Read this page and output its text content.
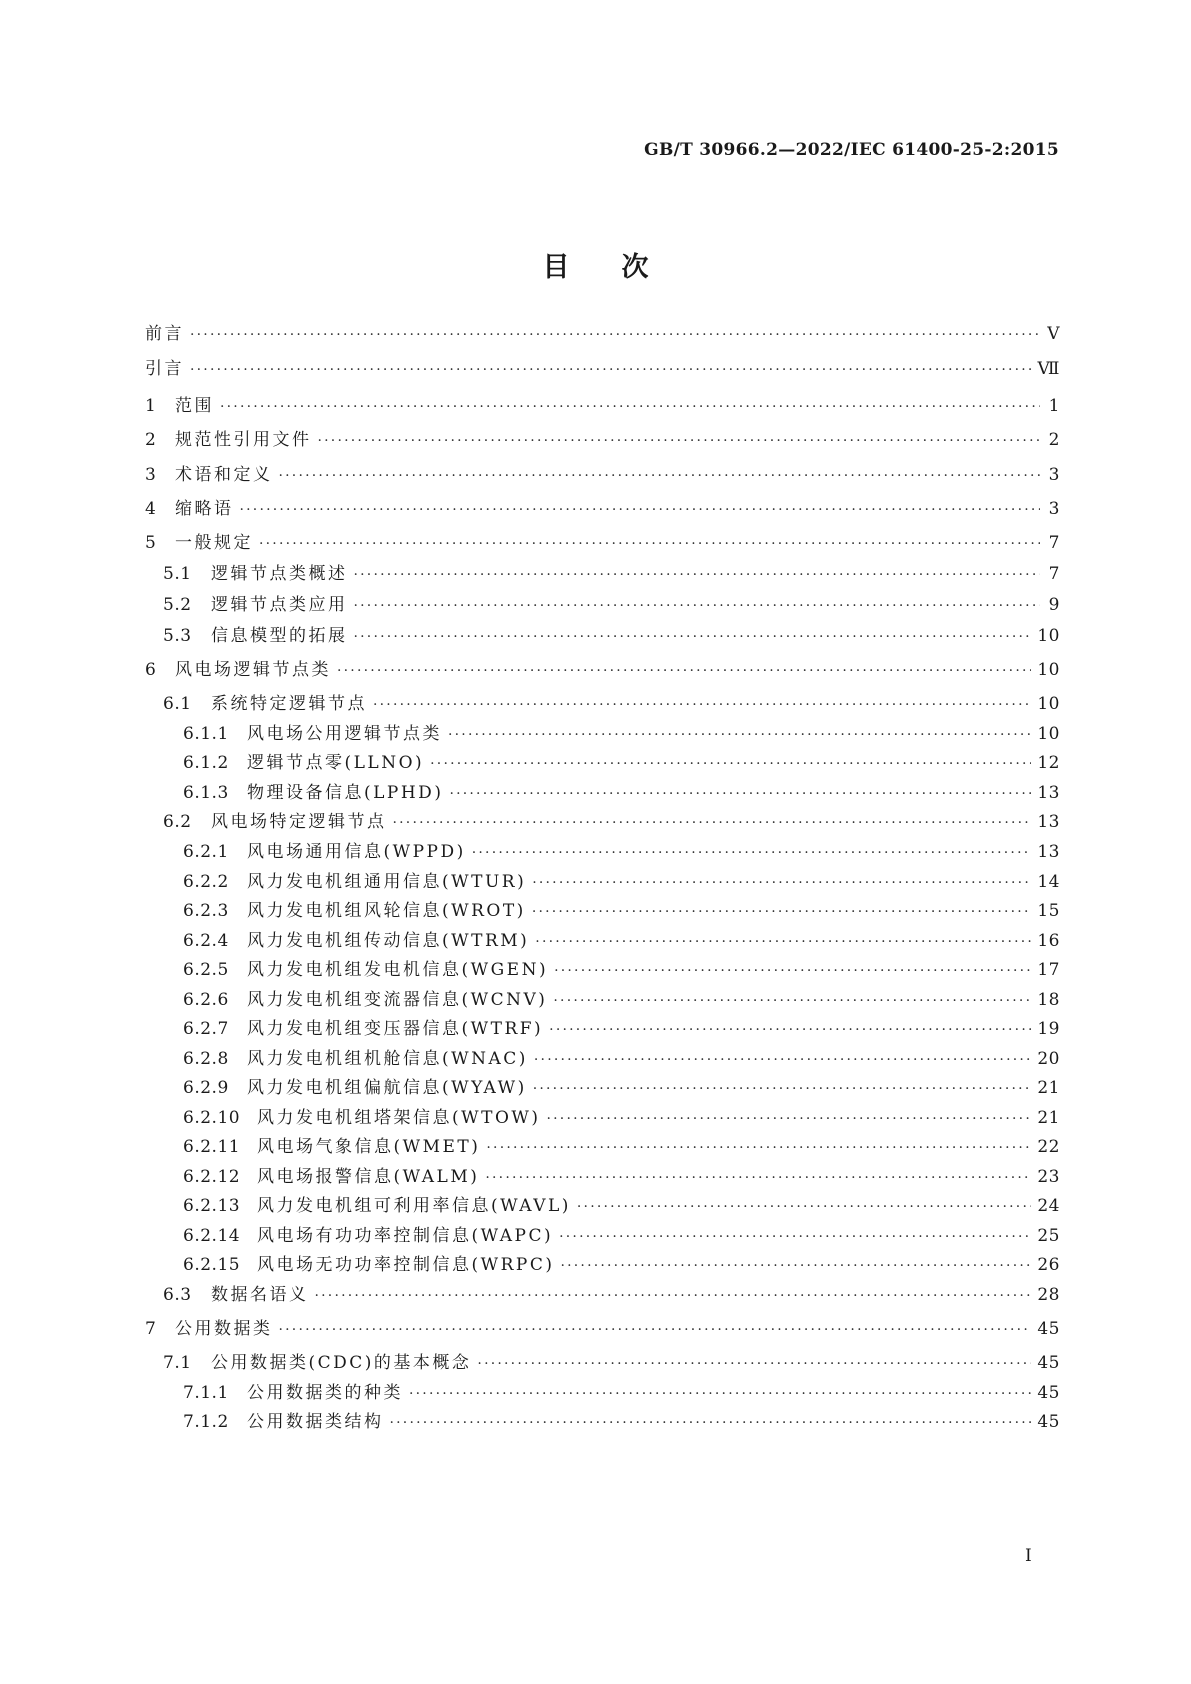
GB/T 30966.2—2022/IEC 61400-25-2:2015
目次
前言 ·····	Ⅴ
引言 ·····	Ⅶ
1	范围 ·····	1
2	规范性引用文件 ·····	2
3	术语和定义 ·····	3
4	缩略语 ·····	3
5	一般规定 ·····	7
5.1	逻辑节点类概述 ·····	7
5.2	逻辑节点类应用 ·····	9
5.3	信息模型的拓展 ·····	10
6	风电场逻辑节点类 ·····	10
6.1	系统特定逻辑节点 ·····	10
6.1.1	风电场公用逻辑节点类 ·····	10
6.1.2	逻辑节点零(LLNO) ·····	12
6.1.3	物理设备信息(LPHD) ·····	13
6.2	风电场特定逻辑节点 ·····	13
6.2.1	风电场通用信息(WPPD) ·····	13
6.2.2	风力发电机组通用信息(WTUR) ·····	14
6.2.3	风力发电机组风轮信息(WROT) ·····	15
6.2.4	风力发电机组传动信息(WTRM) ·····	16
6.2.5	风力发电机组发电机信息(WGEN) ·····	17
6.2.6	风力发电机组变流器信息(WCNV) ·····	18
6.2.7	风力发电机组变压器信息(WTRF) ·····	19
6.2.8	风力发电机组机舱信息(WNAC) ·····	20
6.2.9	风力发电机组偏航信息(WYAW) ·····	21
6.2.10 风力发电机组塔架信息(WTOW) ·····	21
6.2.11 风电场气象信息(WMET) ·····	22
6.2.12 风电场报警信息(WALM) ·····	23
6.2.13 风力发电机组可利用率信息(WAVL) ·····	24
6.2.14 风电场有功功率控制信息(WAPC) ·····	25
6.2.15 风电场无功功率控制信息(WRPC) ·····	26
6.3	数据名语义 ·····	28
7	公用数据类 ·····	45
7.1	公用数据类(CDC)的基本概念 ·····	45
7.1.1	公用数据类的种类 ·····	45
7.1.2	公用数据类结构 ·····	45
I
